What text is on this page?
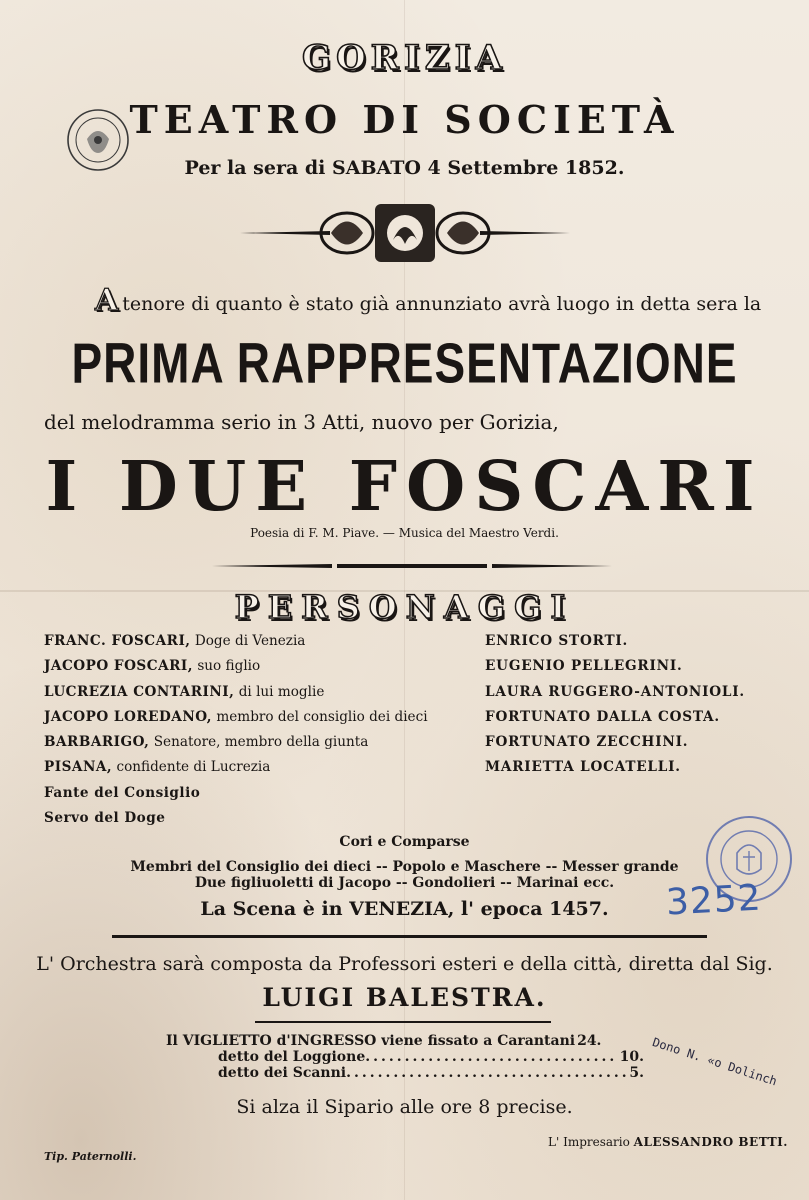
GORIZIA
TEATRO DI SOCIETÀ
Per la sera di SABATO 4 Settembre 1852.
Atenore di quanto è stato già annunziato avrà luogo in detta sera la
PRIMA RAPPRESENTAZIONE
del melodramma serio in 3 Atti, nuovo per Gorizia,
I DUE FOSCARI
Poesia di F. M. Piave. — Musica del Maestro Verdi.
PERSONAGGI
FRANC. FOSCARI, Doge di Venezia	ENRICO STORTI.
JACOPO FOSCARI, suo figlio	EUGENIO PELLEGRINI.
LUCREZIA CONTARINI, di lui moglie	LAURA RUGGERO-ANTONIOLI.
JACOPO LOREDANO, membro del consiglio dei dieci	FORTUNATO DALLA COSTA.
BARBARIGO, Senatore, membro della giunta	FORTUNATO ZECCHINI.
PISANA, confidente di Lucrezia	MARIETTA LOCATELLI.
Fante del Consiglio
Servo del Doge
Cori e Comparse
Membri del Consiglio dei dieci -- Popolo e Maschere -- Messer grande
Due figliuoletti di Jacopo -- Gondolieri -- Marinai ecc.
La Scena è in VENEZIA, l' epoca 1457.
L' Orchestra sarà composta da Professori esteri e della città, diretta dal Sig.
LUIGI BALESTRA.
Il VIGLIETTO d'INGRESSO viene fissato a Carantani 24.
detto del Loggione .....	10.
detto dei Scanni .....	5.
Si alza il Sipario alle ore 8 precise.
Tip. Paternolli.
L' Impresario ALESSANDRO BETTI.
3252
Dono N. «o Dolinch
